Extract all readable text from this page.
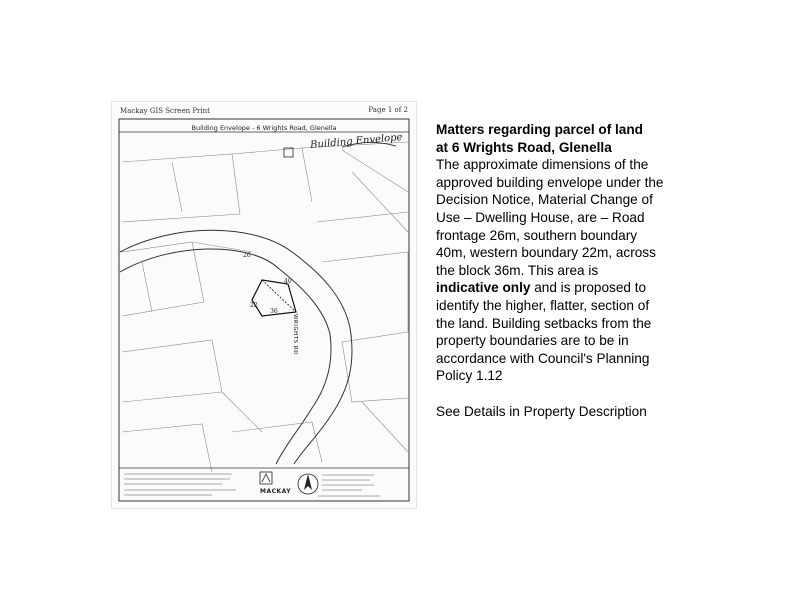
Mackay GIS Screen Print	Page 1 of 2
Building Envelope - 6 Wrights Road, Glenella
Building Envelope
WRIGHTS RD
26
40
22
36
MACKAY

Matters regarding parcel of land
at 6 Wrights Road, Glenella

The approximate dimensions of the approved building envelope under the Decision Notice, Material Change of Use – Dwelling House, are – Road frontage 26m, southern boundary 40m, western boundary 22m, across the block 36m. This area is indicative only and is proposed to identify the higher, flatter, section of the land. Building setbacks from the property boundaries are to be in accordance with Council's Planning Policy 1.12

See Details in Property Description
